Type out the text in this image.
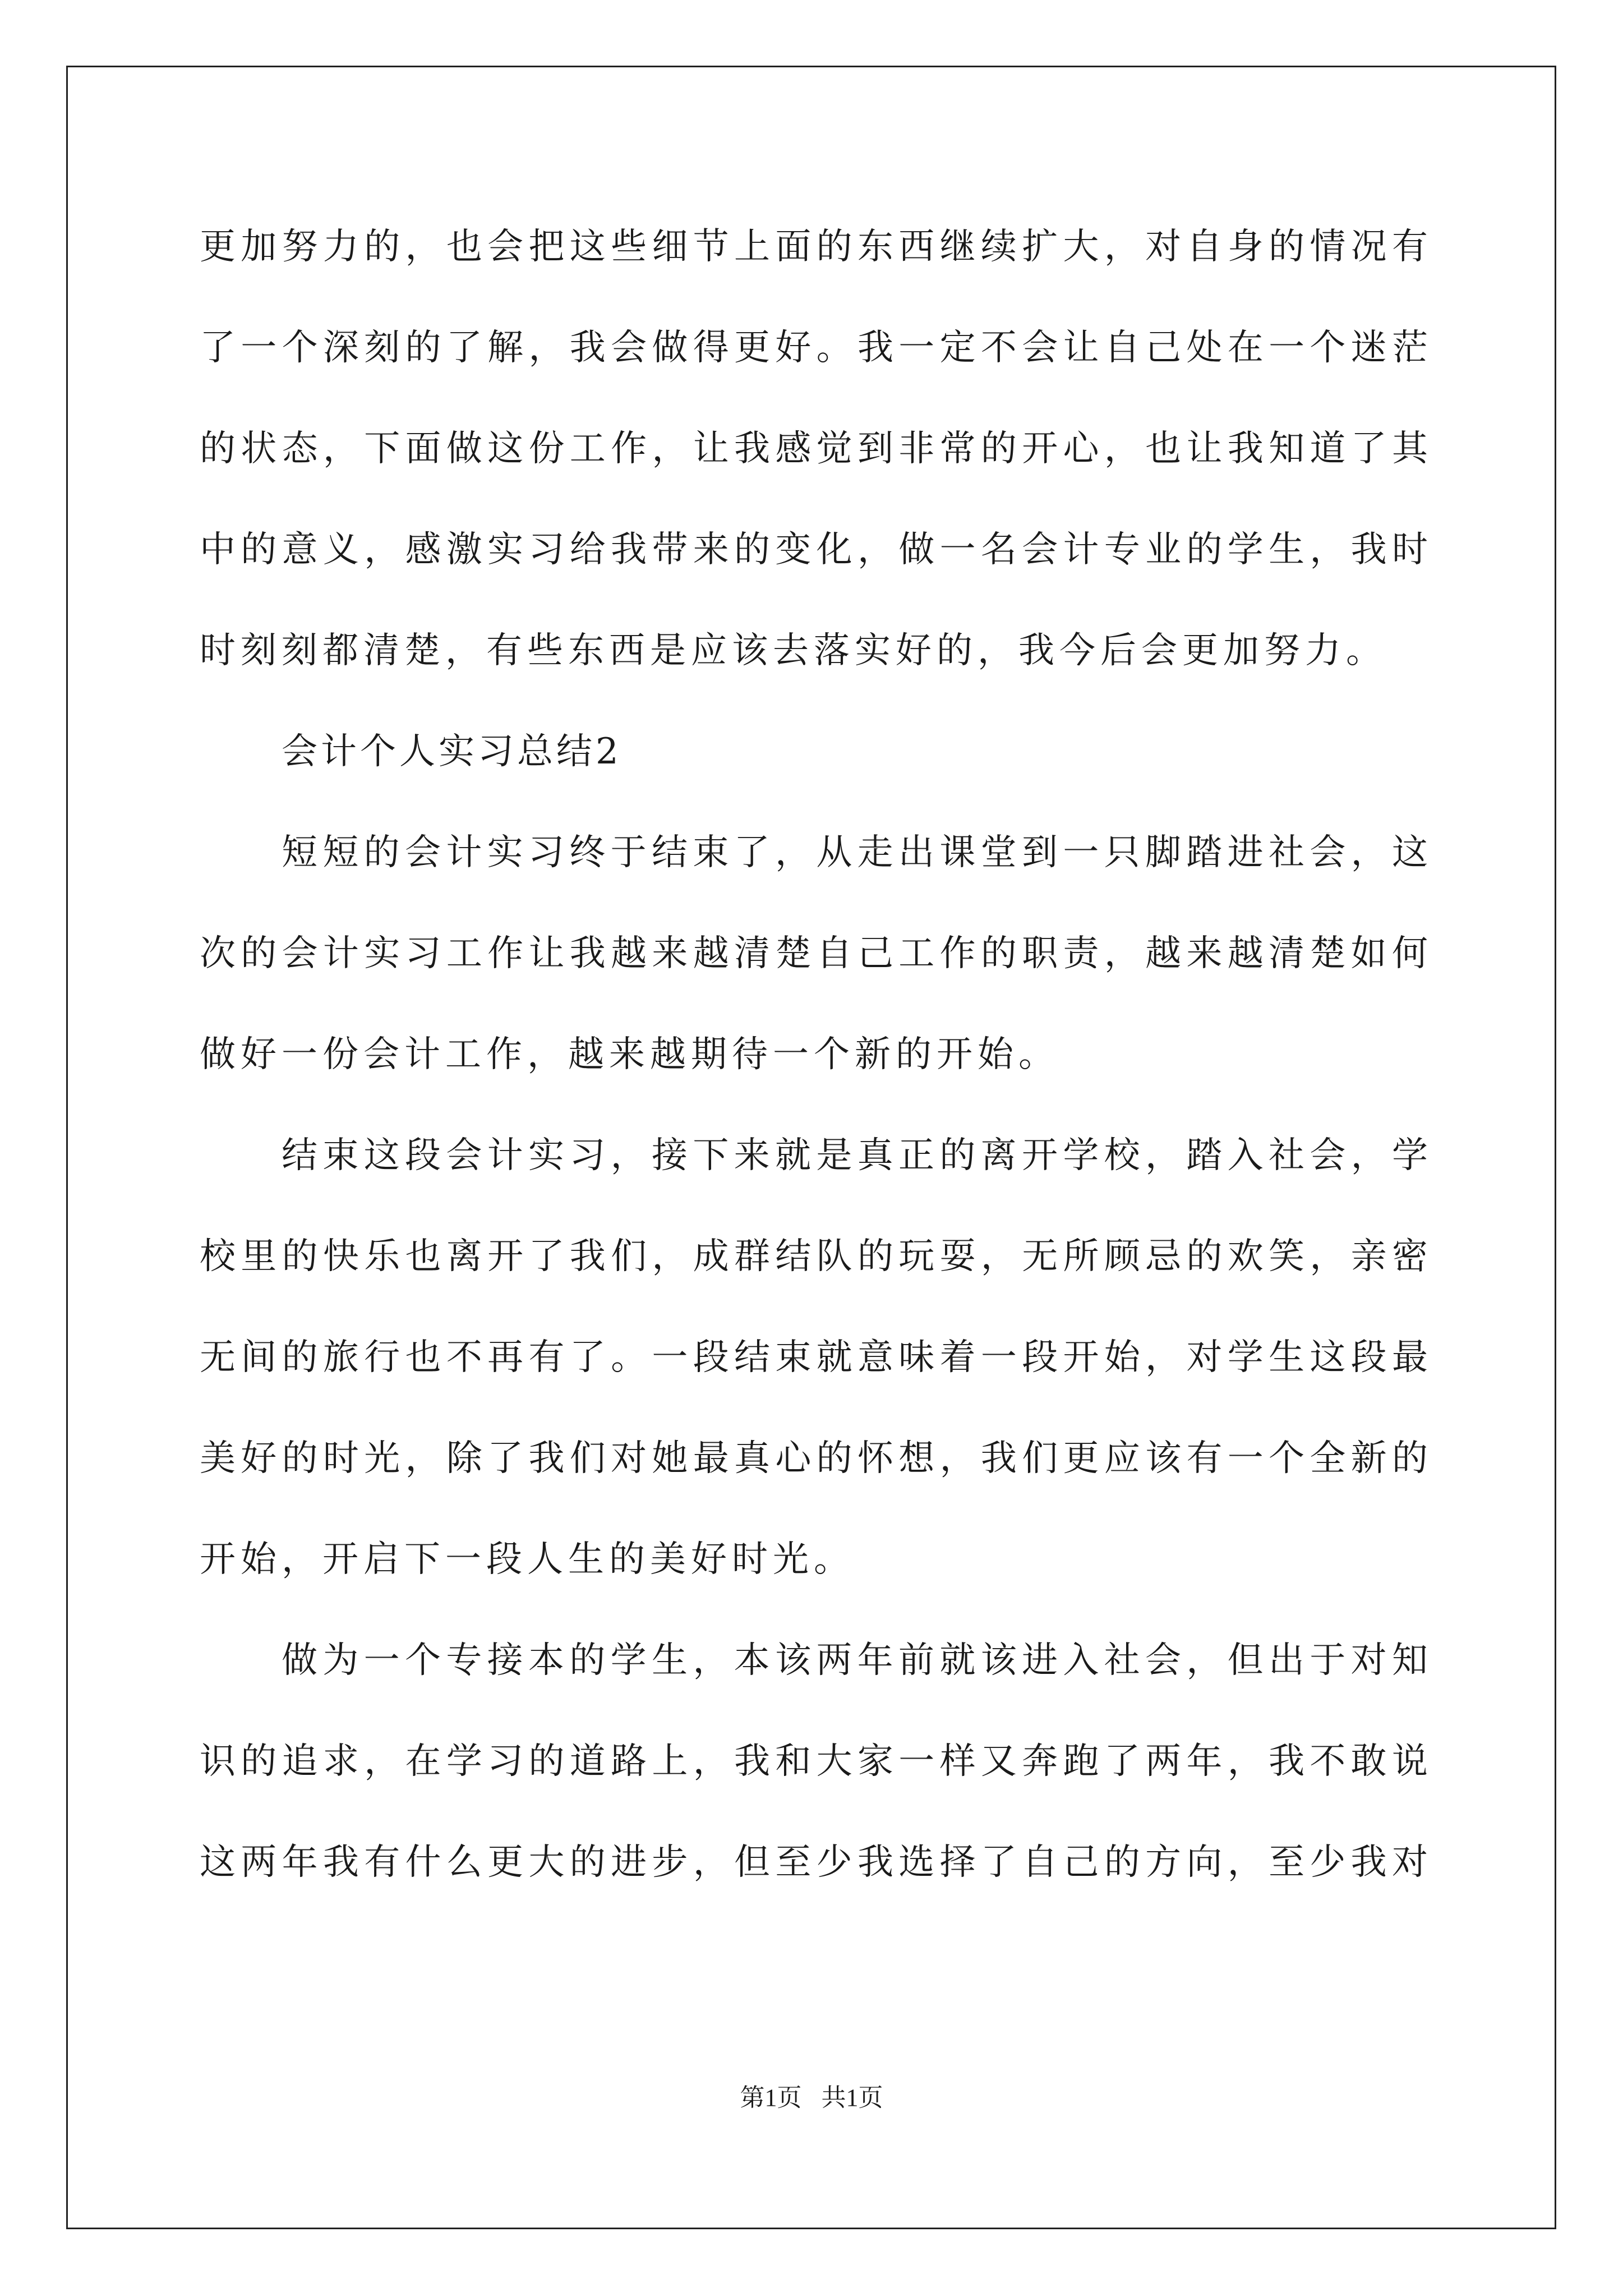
更加努力的，也会把这些细节上面的东西继续扩大，对自身的情况有
了一个深刻的了解，我会做得更好。我一定不会让自己处在一个迷茫
的状态，下面做这份工作，让我感觉到非常的开心，也让我知道了其
中的意义，感激实习给我带来的变化，做一名会计专业的学生，我时
时刻刻都清楚，有些东西是应该去落实好的，我今后会更加努力。
会计个人实习总结2
短短的会计实习终于结束了，从走出课堂到一只脚踏进社会，这
次的会计实习工作让我越来越清楚自己工作的职责，越来越清楚如何
做好一份会计工作，越来越期待一个新的开始。
结束这段会计实习，接下来就是真正的离开学校，踏入社会，学
校里的快乐也离开了我们，成群结队的玩耍，无所顾忌的欢笑，亲密
无间的旅行也不再有了。一段结束就意味着一段开始，对学生这段最
美好的时光，除了我们对她最真心的怀想，我们更应该有一个全新的
开始，开启下一段人生的美好时光。
做为一个专接本的学生，本该两年前就该进入社会，但出于对知
识的追求，在学习的道路上，我和大家一样又奔跑了两年，我不敢说
这两年我有什么更大的进步，但至少我选择了自己的方向，至少我对
第1页 共1页
